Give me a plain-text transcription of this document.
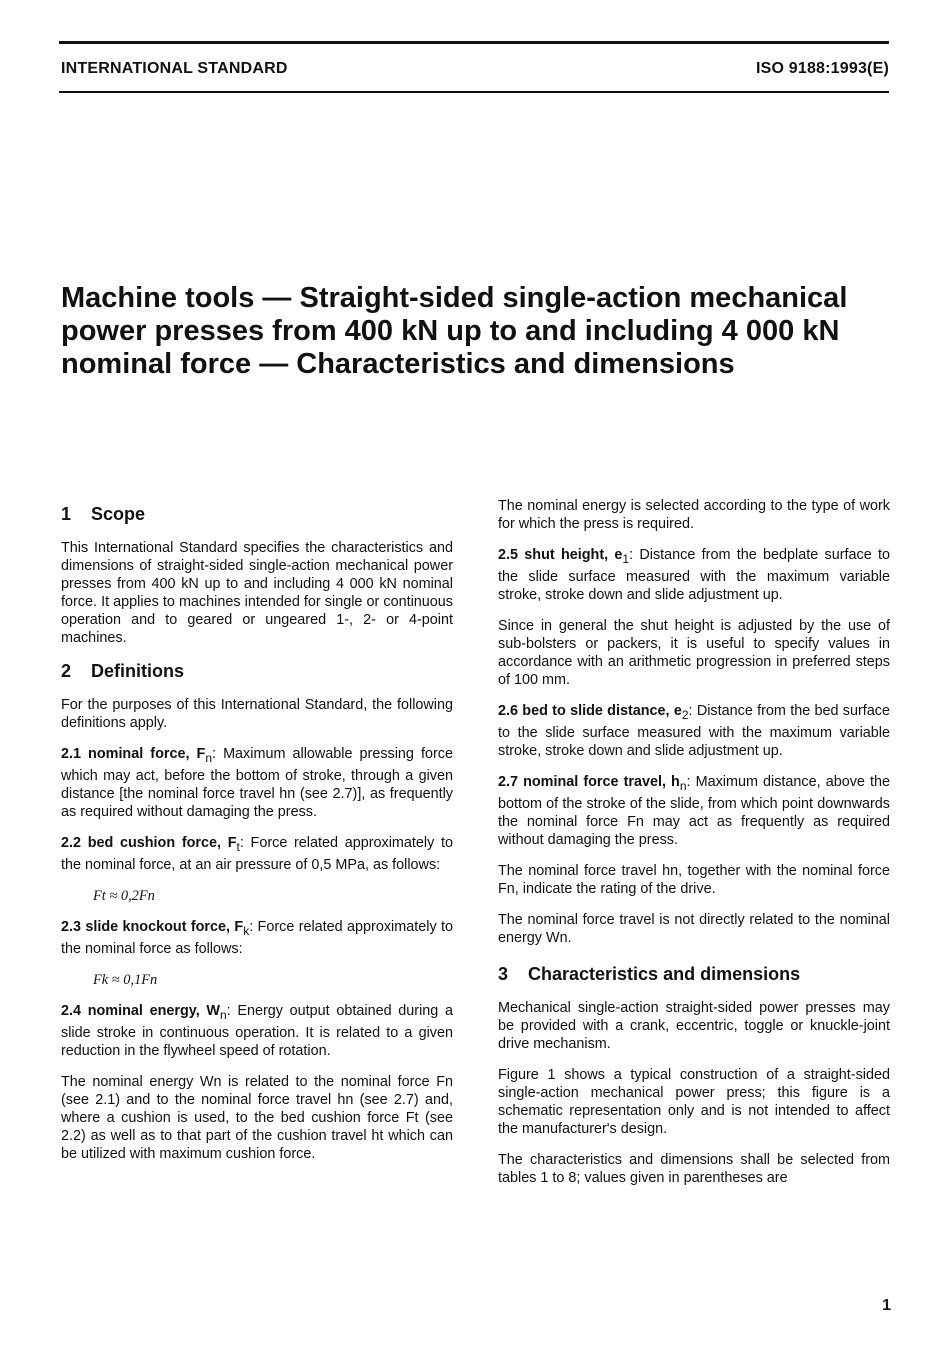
INTERNATIONAL STANDARD	ISO 9188:1993(E)
Machine tools — Straight-sided single-action mechanical power presses from 400 kN up to and including 4 000 kN nominal force — Characteristics and dimensions
1 Scope

This International Standard specifies the characteristics and dimensions of straight-sided single-action mechanical power presses from 400 kN up to and including 4 000 kN nominal force. It applies to machines intended for single or continuous operation and to geared or ungeared 1-, 2- or 4-point machines.

2 Definitions

For the purposes of this International Standard, the following definitions apply.

2.1 nominal force, $F_n$: Maximum allowable pressing force which may act, before the bottom of stroke, through a given distance [the nominal force travel hn (see 2.7)], as frequently as required without damaging the press.

2.2 bed cushion force, $F_t$: Force related approximately to the nominal force, at an air pressure of 0,5 MPa, as follows:

Ft ≈ 0,2Fn

2.3 slide knockout force, $F_k$: Force related approximately to the nominal force as follows:

Fk ≈ 0,1Fn

2.4 nominal energy, $W_n$: Energy output obtained during a slide stroke in continuous operation. It is related to a given reduction in the flywheel speed of rotation.

The nominal energy Wn is related to the nominal force Fn (see 2.1) and to the nominal force travel hn (see 2.7) and, where a cushion is used, to the bed cushion force Ft (see 2.2) as well as to that part of the cushion travel ht which can be utilized with maximum cushion force.

The nominal energy is selected according to the type of work for which the press is required.

2.5 shut height, $e_1$: Distance from the bedplate surface to the slide surface measured with the maximum variable stroke, stroke down and slide adjustment up.

Since in general the shut height is adjusted by the use of sub-bolsters or packers, it is useful to specify values in accordance with an arithmetic progression in preferred steps of 100 mm.

2.6 bed to slide distance, $e_2$: Distance from the bed surface to the slide surface measured with the maximum variable stroke, stroke down and slide adjustment up.

2.7 nominal force travel, $h_n$: Maximum distance, above the bottom of the stroke of the slide, from which point downwards the nominal force Fn may act as frequently as required without damaging the press.

The nominal force travel hn, together with the nominal force Fn, indicate the rating of the drive.

The nominal force travel is not directly related to the nominal energy Wn.

3 Characteristics and dimensions

Mechanical single-action straight-sided power presses may be provided with a crank, eccentric, toggle or knuckle-joint drive mechanism.

Figure 1 shows a typical construction of a straight-sided single-action mechanical power press; this figure is a schematic representation only and is not intended to affect the manufacturer's design.

The characteristics and dimensions shall be selected from tables 1 to 8; values given in parentheses are

1
